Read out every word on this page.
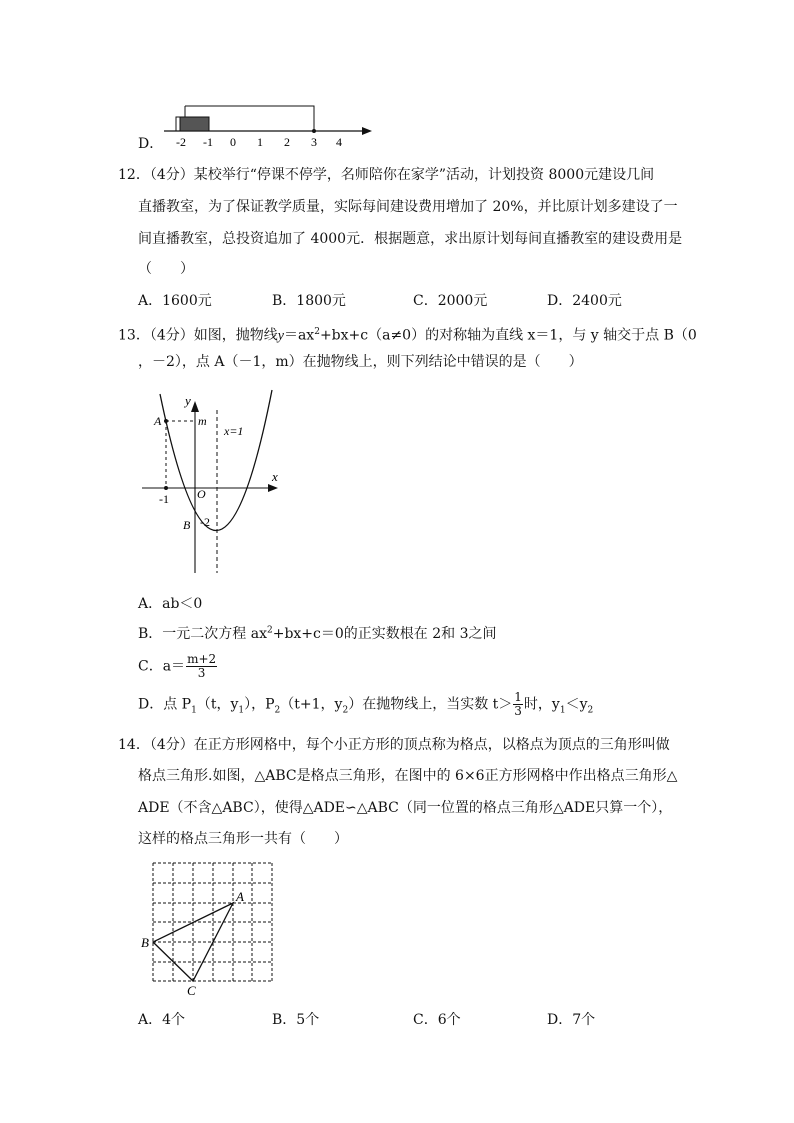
D． -2 -1 0 1 2 3 4
12．（4分）某校举行“停课不停学，名师陪你在家学”活动，计划投资 8000元建设几间
直播教室，为了保证教学质量，实际每间建设费用增加了 20%，并比原计划多建设了一
间直播教室，总投资追加了 4000元．根据题意，求出原计划每间直播教室的建设费用是
（　　）
A．1600元	B．1800元	C．2000元	D．2400元
13．（4分）如图，抛物线$y=ax^2+bx+c(a\ne 0)$的对称轴为直线 x＝1，与 y 轴交于点 B（0
，－2），点 A（－1，m）在抛物线上，则下列结论中错误的是（　　）
y
x
O
A
B
m
x=1
-1
-2
A．ab＜0
B．一元二次方程 $ax^2+bx+c=0$的正实数根在 2和 3之间
C．$a= \frac{m+2}{3}$
D．点 $P_1(t$，$y_1$），$P_2(t+1$，$y_2$）在抛物线上，当实数 $t> \frac{1}{3}$ 时，$y_1<y_2$
14．（4分）在正方形网格中，每个小正方形的顶点称为格点，以格点为顶点的三角形叫做
格点三角形.如图，△ABC是格点三角形，在图中的 6×6正方形网格中作出格点三角形△
ADE（不含△ABC），使得△ADE∽△ABC（同一位置的格点三角形△ADE只算一个），
这样的格点三角形一共有（　　）
A
B
C
A．4个	B．5个	C．6个	D．7个
